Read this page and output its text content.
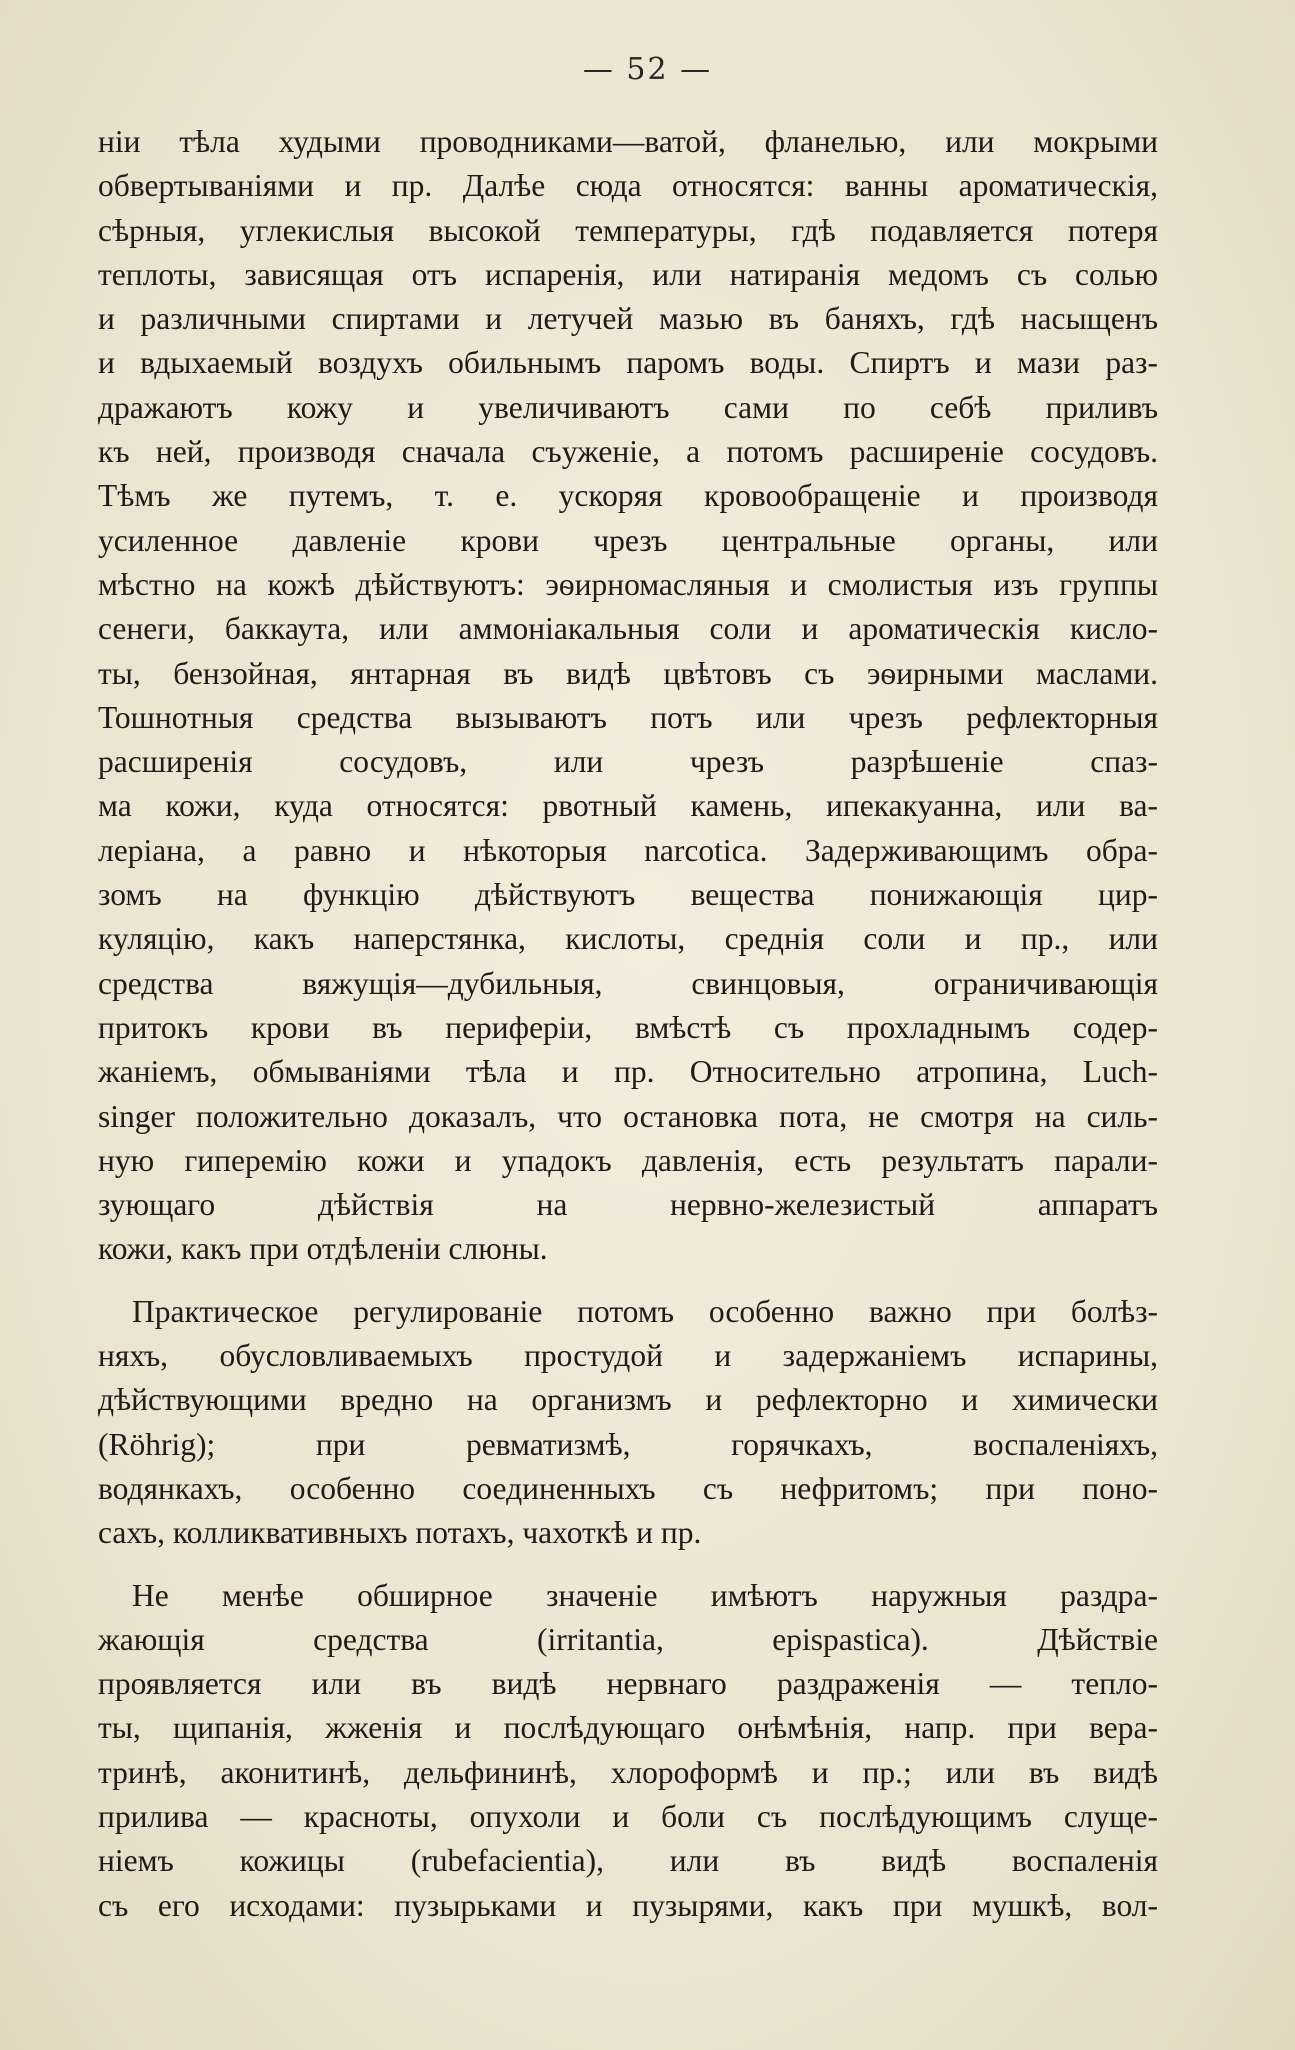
— 52 —
ніи тѣла худыми проводниками—ватой, фланелью, или мокрыми
обвертываніями и пр. Далѣе сюда относятся: ванны ароматическія,
сѣрныя, углекислыя высокой температуры, гдѣ подавляется потеря
теплоты, зависящая отъ испаренія, или натиранія медомъ съ солью
и различными спиртами и летучей мазью въ баняхъ, гдѣ насыщенъ
и вдыхаемый воздухъ обильнымъ паромъ воды. Спиртъ и мази раз-
дражаютъ кожу и увеличиваютъ сами по себѣ приливъ
къ ней, производя сначала съуженіе, а потомъ расширеніе сосудовъ.
Тѣмъ же путемъ, т. е. ускоряя кровообращеніе и производя
усиленное давленіе крови чрезъ центральные органы, или
мѣстно на кожѣ дѣйствуютъ: эѳирномасляныя и смолистыя изъ группы
сенеги, баккаута, или аммоніакальныя соли и ароматическія кисло-
ты, бензойная, янтарная въ видѣ цвѣтовъ съ эѳирными маслами.
Тошнотныя средства вызываютъ потъ или чрезъ рефлекторныя
расширенія сосудовъ, или чрезъ разрѣшеніе спаз-
ма кожи, куда относятся: рвотный камень, ипекакуанна, или ва-
леріана, а равно и нѣкоторыя narcotica. Задерживающимъ обра-
зомъ на функцію дѣйствуютъ вещества понижающія цир-
куляцію, какъ наперстянка, кислоты, среднія соли и пр., или
средства вяжущія—дубильныя, свинцовыя, ограничивающія
притокъ крови въ периферіи, вмѣстѣ съ прохладнымъ содер-
жаніемъ, обмываніями тѣла и пр. Относительно атропина, Luch-
singer положительно доказалъ, что остановка пота, не смотря на силь-
ную гиперемію кожи и упадокъ давленія, есть результатъ парали-
зующаго дѣйствія на нервно-железистый аппаратъ
кожи, какъ при отдѣленіи слюны.
Практическое регулированіе потомъ особенно важно при болѣз-
няхъ, обусловливаемыхъ простудой и задержаніемъ испарины,
дѣйствующими вредно на организмъ и рефлекторно и химически
(Röhrig); при ревматизмѣ, горячкахъ, воспаленіяхъ,
водянкахъ, особенно соединенныхъ съ нефритомъ; при поно-
сахъ, колликвативныхъ потахъ, чахоткѣ и пр.
Не менѣе обширное значеніе имѣютъ наружныя раздра-
жающія средства (irritantia, epispastica). Дѣйствіе
проявляется или въ видѣ нервнаго раздраженія — тепло-
ты, щипанія, жженія и послѣдующаго онѣмѣнія, напр. при вера-
тринѣ, аконитинѣ, дельфининѣ, хлороформѣ и пр.; или въ видѣ
прилива — красноты, опухоли и боли съ послѣдующимъ слуще-
ніемъ кожицы (rubefacientia), или въ видѣ воспаленія
съ его исходами: пузырьками и пузырями, какъ при мушкѣ, вол-
